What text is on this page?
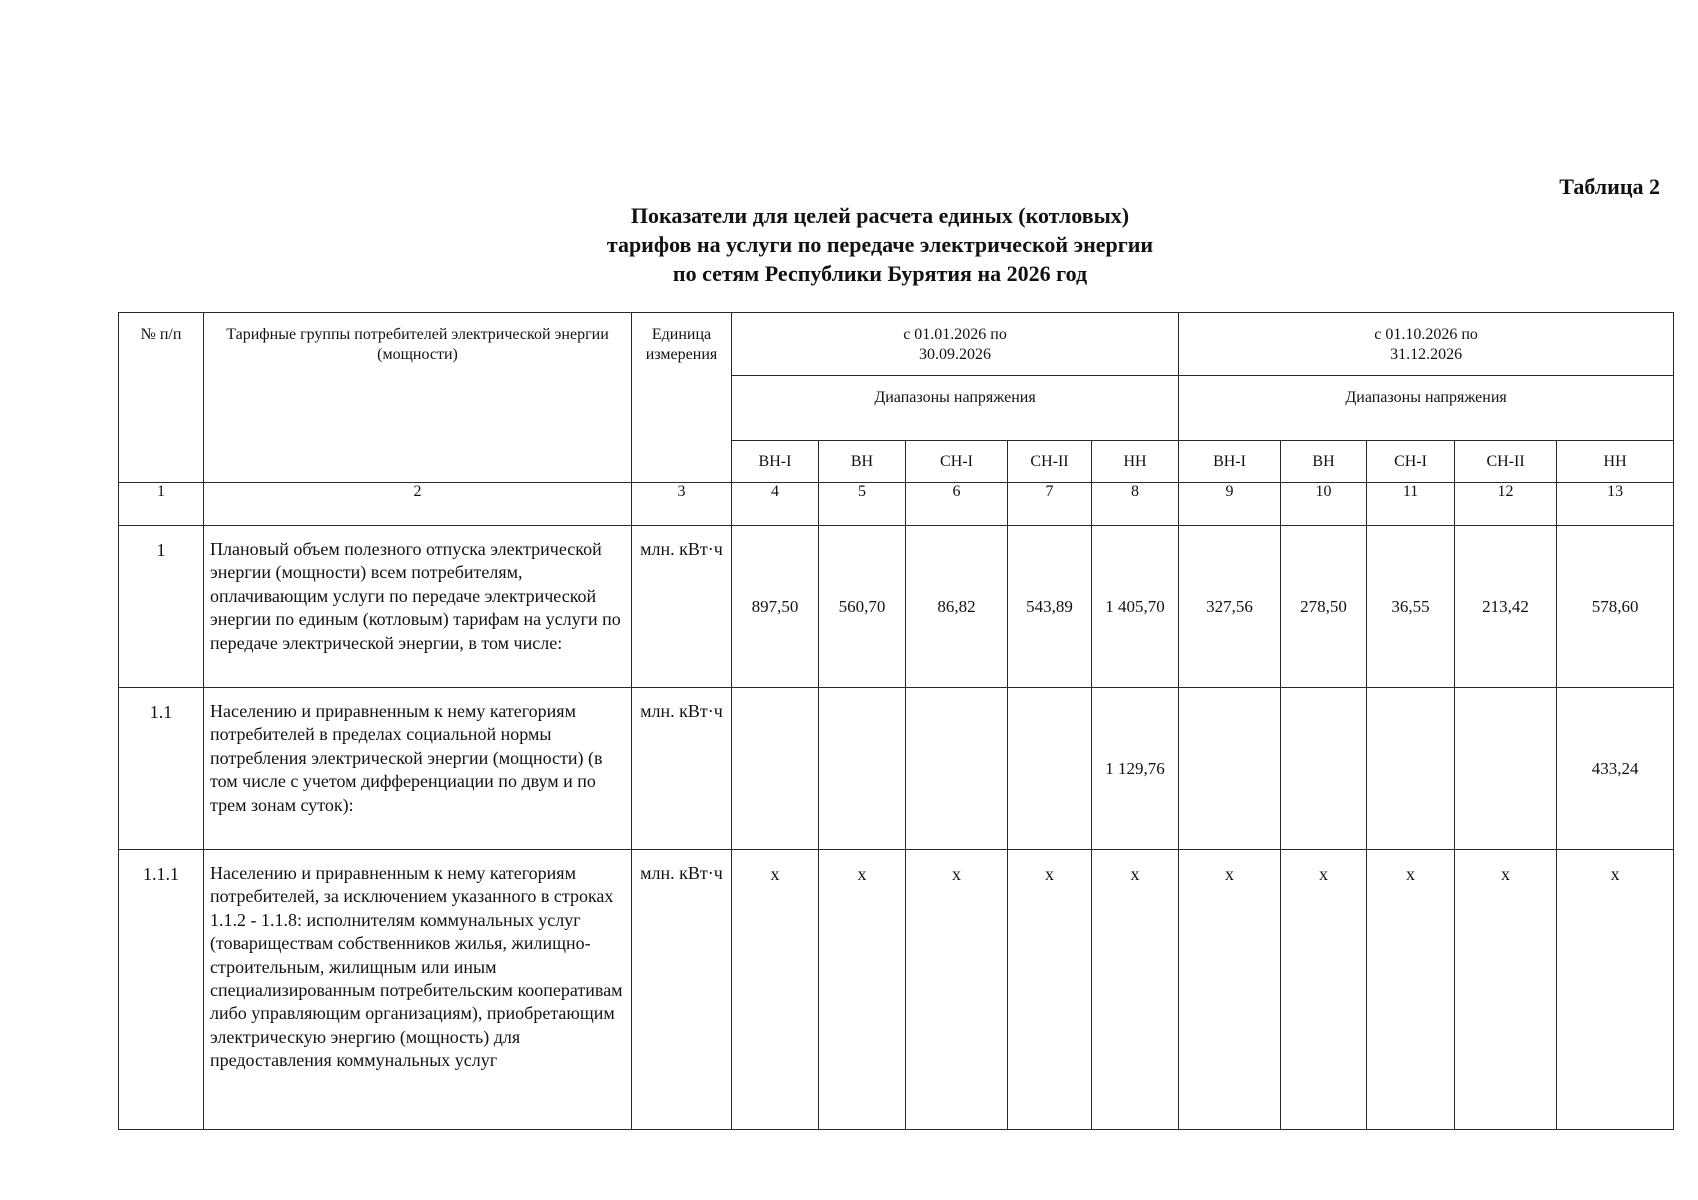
Таблица 2
Показатели для целей расчета единых (котловых)
тарифов на услуги по передаче электрической энергии
по сетям Республики Бурятия на 2026 год
№ п/п	Тарифные группы потребителей электрической энергии (мощности)	Единица измерения	с 01.01.2026 по 30.09.2026					с 01.10.2026 по 31.12.2026				
			Диапазоны напряжения					Диапазоны напряжения				
			ВН-I	ВН	СН-I	СН-II	НН	ВН-I	ВН	СН-I	СН-II	НН
1	2	3	4	5	6	7	8	9	10	11	12	13
1	Плановый объем полезного отпуска электрической энергии (мощности) всем потребителям, оплачивающим услуги по передаче электрической энергии по единым (котловым) тарифам на услуги по передаче электрической энергии, в том числе:	млн. кВт·ч	897,50	560,70	86,82	543,89	1 405,70	327,56	278,50	36,55	213,42	578,60
1.1	Населению и приравненным к нему категориям потребителей в пределах социальной нормы потребления электрической энергии (мощности) (в том числе с учетом дифференциации по двум и по трем зонам суток):	млн. кВт·ч					1 129,76					433,24
1.1.1	Населению и приравненным к нему категориям потребителей, за исключением указанного в строках 1.1.2 - 1.1.8: исполнителям коммунальных услуг (товариществам собственников жилья, жилищно-строительным, жилищным или иным специализированным потребительским кооперативам либо управляющим организациям), приобретающим электрическую энергию (мощность) для предоставления коммунальных услуг	млн. кВт·ч	х	х	х	х	х	х	х	х	х	х
